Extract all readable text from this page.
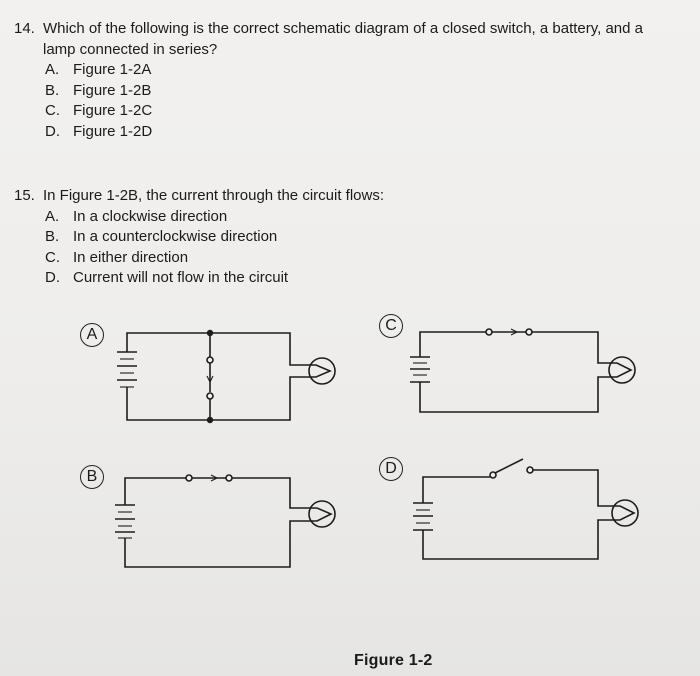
14. Which of the following is the correct schematic diagram of a closed switch, a battery, and a lamp connected in series?
A. Figure 1-2A
B. Figure 1-2B
C. Figure 1-2C
D. Figure 1-2D
15. In Figure 1-2B, the current through the circuit flows:
A. In a clockwise direction
B. In a counterclockwise direction
C. In either direction
D. Current will not flow in the circuit
A
B
C
D
Figure 1-2
